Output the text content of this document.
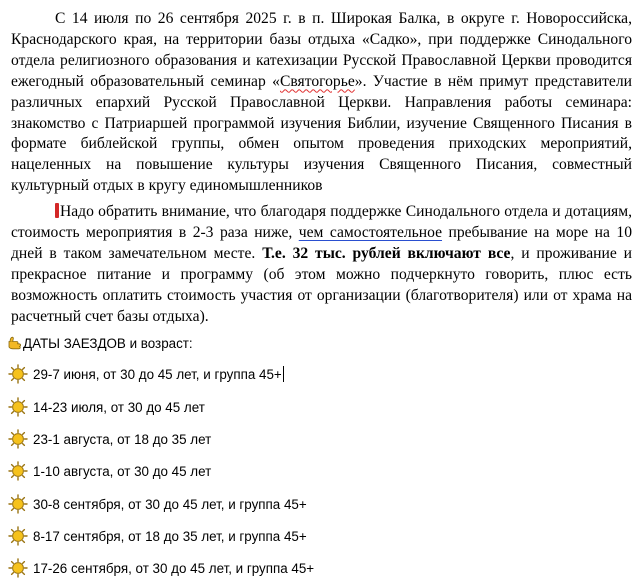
С 14 июля по 26 сентября 2025 г. в п. Широкая Балка, в округе г. Новороссийска, Краснодарского края, на территории базы отдыха «Садко», при поддержке Синодального отдела религиозного образования и катехизации Русской Православной Церкви проводится ежегодный образовательный семинар «Святогорье». Участие в нём примут представители различных епархий Русской Православной Церкви. Направления работы семинара: знакомство с Патриаршей программой изучения Библии, изучение Священного Писания в формате библейской группы, обмен опытом проведения приходских мероприятий, нацеленных на повышение культуры изучения Священного Писания, совместный культурный отдых в кругу единомышленников

Надо обратить внимание, что благодаря поддержке Синодального отдела и дотациям, стоимость мероприятия в 2-3 раза ниже, чем самостоятельное пребывание на море на 10 дней в таком замечательном месте. Т.е. 32 тыс. рублей включают все, и проживание и прекрасное питание и программу (об этом можно подчеркнуто говорить, плюс есть возможность оплатить стоимость участия от организации (благотворителя) или от храма на расчетный счет базы отдыха).

ДАТЫ ЗАЕЗДОВ и возраст:
29-7 июня, от 30 до 45 лет, и группа 45+
14-23 июля, от 30 до 45 лет
23-1 августа, от 18 до 35 лет
1-10 августа, от 30 до 45 лет
30-8 сентября, от 30 до 45 лет, и группа 45+
8-17 сентября, от 18 до 35 лет, и группа 45+
17-26 сентября, от 30 до 45 лет, и группа 45+
